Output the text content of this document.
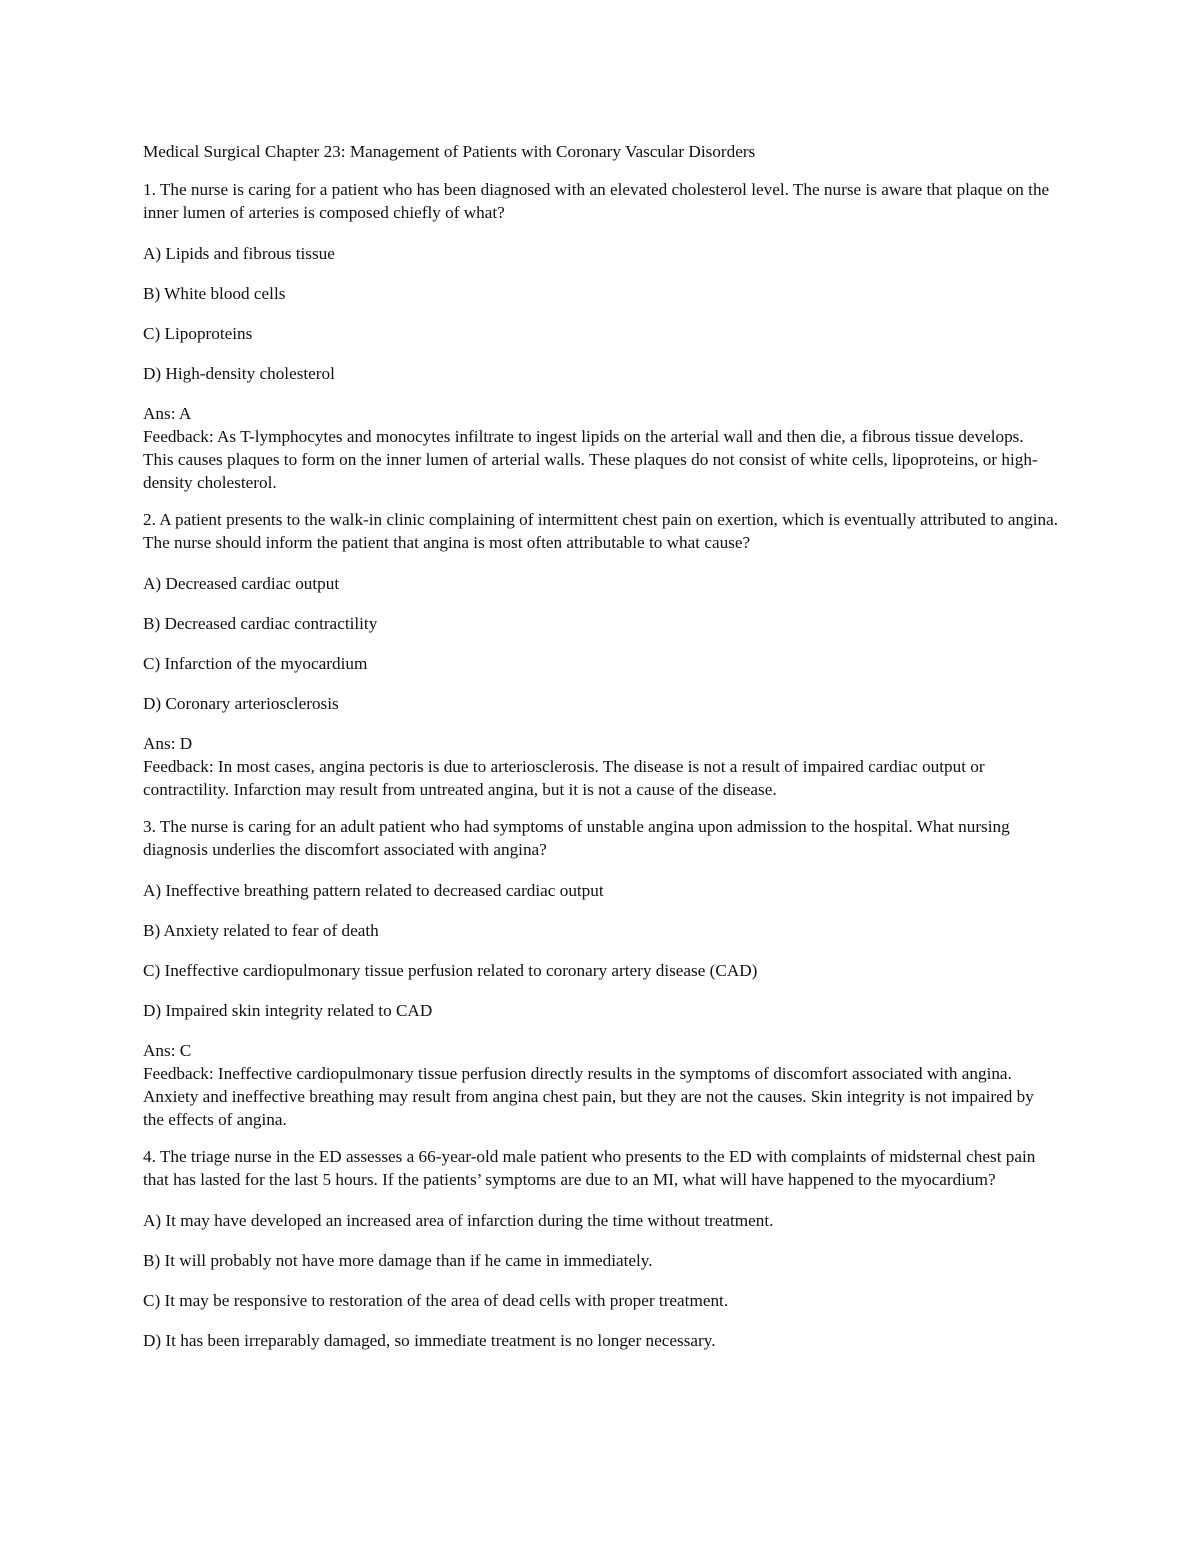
Medical Surgical Chapter 23: Management of Patients with Coronary Vascular Disorders

1. The nurse is caring for a patient who has been diagnosed with an elevated cholesterol level. The nurse is aware that plaque on the inner lumen of arteries is composed chiefly of what?

A) Lipids and fibrous tissue

B) White blood cells

C) Lipoproteins

D) High-density cholesterol

Ans: A

Feedback: As T-lymphocytes and monocytes infiltrate to ingest lipids on the arterial wall and then die, a fibrous tissue develops. This causes plaques to form on the inner lumen of arterial walls. These plaques do not consist of white cells, lipoproteins, or high-density cholesterol.

2. A patient presents to the walk-in clinic complaining of intermittent chest pain on exertion, which is eventually attributed to angina. The nurse should inform the patient that angina is most often attributable to what cause?

A) Decreased cardiac output

B) Decreased cardiac contractility

C) Infarction of the myocardium

D) Coronary arteriosclerosis

Ans: D

Feedback: In most cases, angina pectoris is due to arteriosclerosis. The disease is not a result of impaired cardiac output or contractility. Infarction may result from untreated angina, but it is not a cause of the disease.

3. The nurse is caring for an adult patient who had symptoms of unstable angina upon admission to the hospital. What nursing diagnosis underlies the discomfort associated with angina?

A) Ineffective breathing pattern related to decreased cardiac output

B) Anxiety related to fear of death

C) Ineffective cardiopulmonary tissue perfusion related to coronary artery disease (CAD)

D) Impaired skin integrity related to CAD

Ans: C

Feedback: Ineffective cardiopulmonary tissue perfusion directly results in the symptoms of discomfort associated with angina. Anxiety and ineffective breathing may result from angina chest pain, but they are not the causes. Skin integrity is not impaired by the effects of angina.

4. The triage nurse in the ED assesses a 66-year-old male patient who presents to the ED with complaints of midsternal chest pain that has lasted for the last 5 hours. If the patients’ symptoms are due to an MI, what will have happened to the myocardium?

A) It may have developed an increased area of infarction during the time without treatment.

B) It will probably not have more damage than if he came in immediately.

C) It may be responsive to restoration of the area of dead cells with proper treatment.

D) It has been irreparably damaged, so immediate treatment is no longer necessary.
